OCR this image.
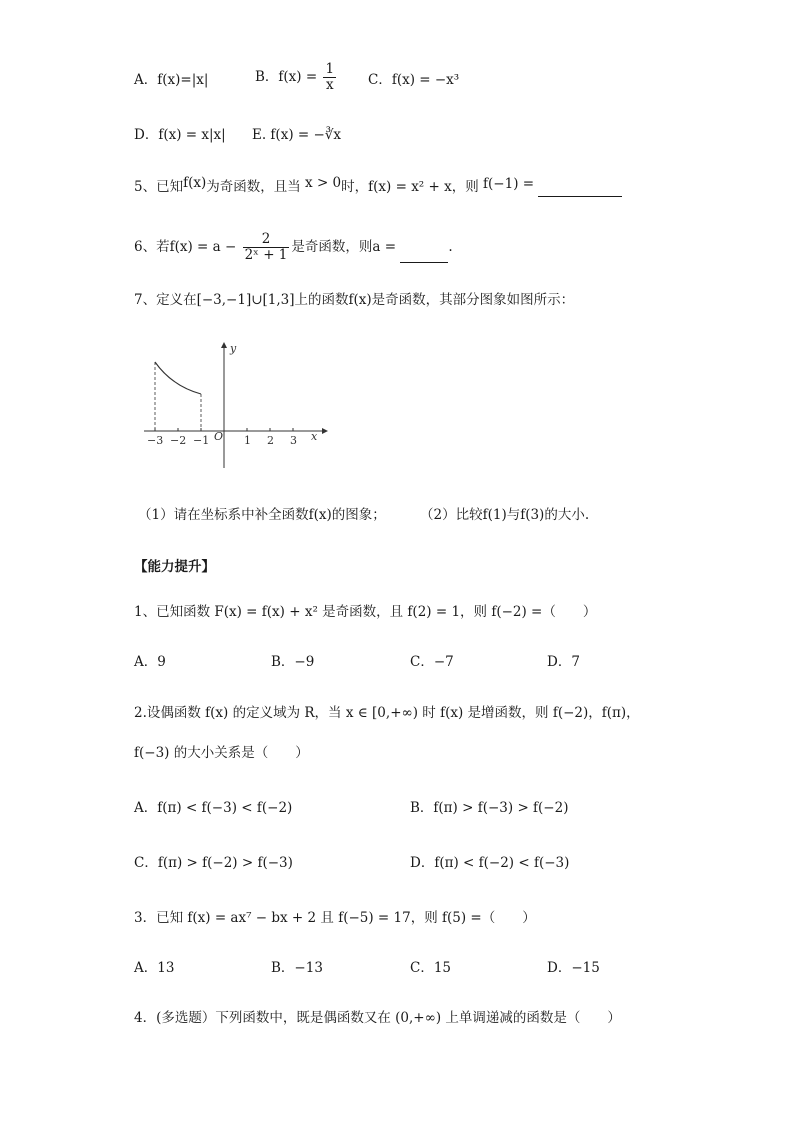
A．f(x)=|x|	B．$f(x) = \frac{1}{x}$ C．f(x) = −x³
D．f(x) = x|x| E. f(x) = −∛x
5、已知f(x)为奇函数，且当 x > 0时，f(x) = x² + x，则 f(−1) =
6、若$f(x) = a - \frac{2}{\text{2ˣ + 1}}$ 是奇函数，则a =	.
7、定义在[−3,−1]∪[1,3]上的函数f(x)是奇函数，其部分图象如图所示：
y
x
O
−3 −2 −1	1 2 3
（1）请在坐标系中补全函数f(x)的图象；	（2）比较f(1)与f(3)的大小.
【能力提升】
1、已知函数 F(x) = f(x) + x² 是奇函数，且 f(2) = 1，则 f(−2) =（　　）
A．9	B．−9	C．−7	D．7
2.设偶函数 f(x) 的定义域为 R，当 x ∈ [0,+∞) 时 f(x) 是增函数，则 f(−2)，f(π)，
f(−3) 的大小关系是（　　）
A．f(π) < f(−3) < f(−2)	B．f(π) > f(−3) > f(−2)
C．f(π) > f(−2) > f(−3)	D．f(π) < f(−2) < f(−3)
3．已知 f(x) = ax⁷ − bx + 2 且 f(−5) = 17，则 f(5) =（　　）
A．13	B．−13	C．15	D．−15
4．(多选题）下列函数中，既是偶函数又在 (0,+∞) 上单调递减的函数是（　　）
